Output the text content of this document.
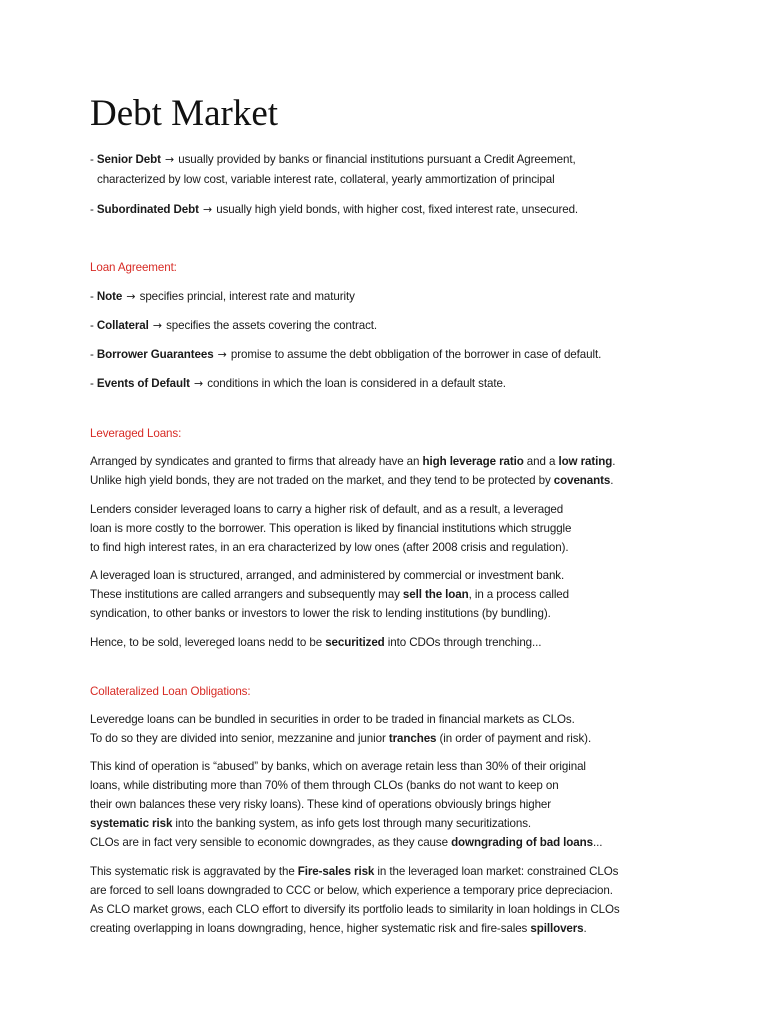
Debt Market
- Senior Debt → usually provided by banks or financial institutions pursuant a Credit Agreement,
characterized by low cost, variable interest rate, collateral, yearly ammortization of principal
- Subordinated Debt → usually high yield bonds, with higher cost, fixed interest rate, unsecured.
Loan Agreement:
- Note → specifies princial, interest rate and maturity
- Collateral → specifies the assets covering the contract.
- Borrower Guarantees → promise to assume the debt obbligation of the borrower in case of default.
- Events of Default → conditions in which the loan is considered in a default state.
Leveraged Loans:
Arranged by syndicates and granted to firms that already have an high leverage ratio and a low rating.
Unlike high yield bonds, they are not traded on the market, and they tend to be protected by covenants.
Lenders consider leveraged loans to carry a higher risk of default, and as a result, a leveraged
loan is more costly to the borrower. This operation is liked by financial institutions which struggle
to find high interest rates, in an era characterized by low ones (after 2008 crisis and regulation).
A leveraged loan is structured, arranged, and administered by commercial or investment bank.
These institutions are called arrangers and subsequently may sell the loan, in a process called
syndication, to other banks or investors to lower the risk to lending institutions (by bundling).
Hence, to be sold, levereged loans nedd to be securitized into CDOs through trenching...
Collateralized Loan Obligations:
Leveredge loans can be bundled in securities in order to be traded in financial markets as CLOs.
To do so they are divided into senior, mezzanine and junior tranches (in order of payment and risk).
This kind of operation is “abused” by banks, which on average retain less than 30% of their original
loans, while distributing more than 70% of them through CLOs (banks do not want to keep on
their own balances these very risky loans). These kind of operations obviously brings higher
systematic risk into the banking system, as info gets lost through many securitizations.
CLOs are in fact very sensible to economic downgrades, as they cause downgrading of bad loans...
This systematic risk is aggravated by the Fire-sales risk in the leveraged loan market: constrained CLOs
are forced to sell loans downgraded to CCC or below, which experience a temporary price depreciacion.
As CLO market grows, each CLO effort to diversify its portfolio leads to similarity in loan holdings in CLOs
creating overlapping in loans downgrading, hence, higher systematic risk and fire-sales spillovers.
